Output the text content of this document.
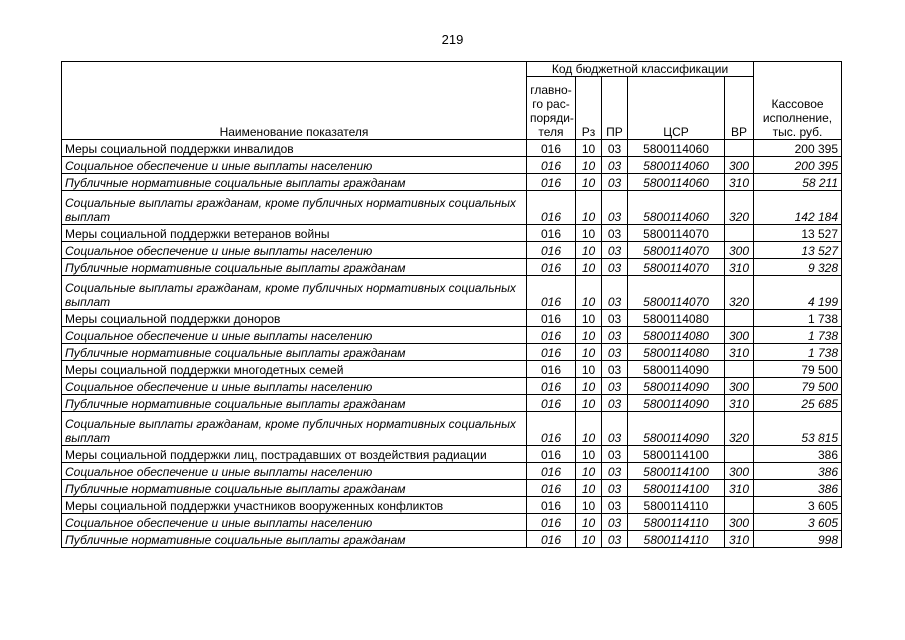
219
Наименование показателя	Код бюджетной классификации					Кассовое исполнение, тыс. руб.
	главно-го рас-поряди-теля	Рз	ПР	ЦСР	ВР	
Меры социальной поддержки инвалидов	016	10	03	5800114060		200 395
Социальное обеспечение и иные выплаты населению	016	10	03	5800114060	300	200 395
Публичные нормативные социальные выплаты гражданам	016	10	03	5800114060	310	58 211
Социальные выплаты гражданам, кроме публичных нормативных социальных выплат	016	10	03	5800114060	320	142 184
Меры социальной поддержки ветеранов войны	016	10	03	5800114070		13 527
Социальное обеспечение и иные выплаты населению	016	10	03	5800114070	300	13 527
Публичные нормативные социальные выплаты гражданам	016	10	03	5800114070	310	9 328
Социальные выплаты гражданам, кроме публичных нормативных социальных выплат	016	10	03	5800114070	320	4 199
Меры социальной поддержки доноров	016	10	03	5800114080		1 738
Социальное обеспечение и иные выплаты населению	016	10	03	5800114080	300	1 738
Публичные нормативные социальные выплаты гражданам	016	10	03	5800114080	310	1 738
Меры социальной поддержки многодетных семей	016	10	03	5800114090		79 500
Социальное обеспечение и иные выплаты населению	016	10	03	5800114090	300	79 500
Публичные нормативные социальные выплаты гражданам	016	10	03	5800114090	310	25 685
Социальные выплаты гражданам, кроме публичных нормативных социальных выплат	016	10	03	5800114090	320	53 815
Меры социальной поддержки лиц, пострадавших от воздействия радиации	016	10	03	5800114100		386
Социальное обеспечение и иные выплаты населению	016	10	03	5800114100	300	386
Публичные нормативные социальные выплаты гражданам	016	10	03	5800114100	310	386
Меры социальной поддержки участников вооруженных конфликтов	016	10	03	5800114110		3 605
Социальное обеспечение и иные выплаты населению	016	10	03	5800114110	300	3 605
Публичные нормативные социальные выплаты гражданам	016	10	03	5800114110	310	998
